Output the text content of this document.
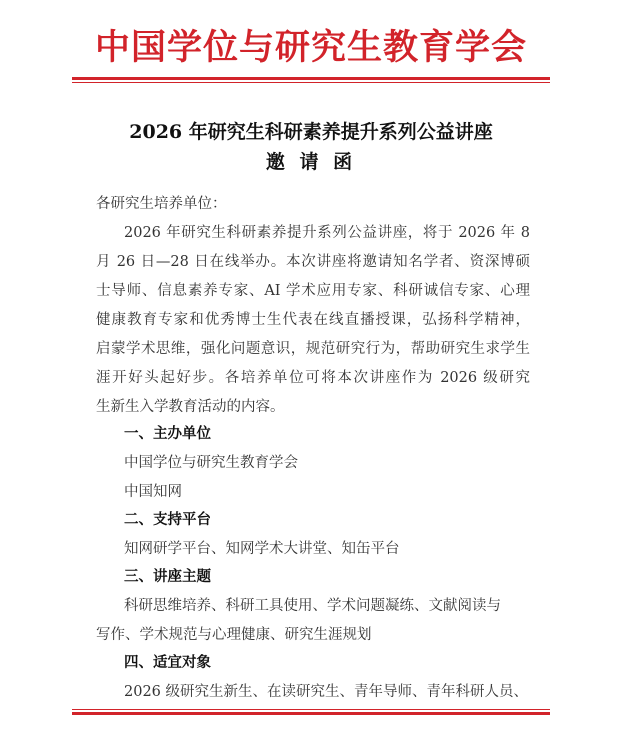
中国学位与研究生教育学会
2026 年研究生科研素养提升系列公益讲座
邀 请 函
各研究生培养单位：
2026 年研究生科研素养提升系列公益讲座，将于 2026 年 8
月 26 日—28 日在线举办。本次讲座将邀请知名学者、资深博硕
士导师、信息素养专家、AI 学术应用专家、科研诚信专家、心理
健康教育专家和优秀博士生代表在线直播授课，弘扬科学精神，
启蒙学术思维，强化问题意识，规范研究行为，帮助研究生求学生
涯开好头起好步。各培养单位可将本次讲座作为 2026 级研究
生新生入学教育活动的内容。
一、主办单位
中国学位与研究生教育学会
中国知网
二、支持平台
知网研学平台、知网学术大讲堂、知缶平台
三、讲座主题
科研思维培养、科研工具使用、学术问题凝练、文献阅读与
写作、学术规范与心理健康、研究生涯规划
四、适宜对象
2026 级研究生新生、在读研究生、青年导师、青年科研人员、
